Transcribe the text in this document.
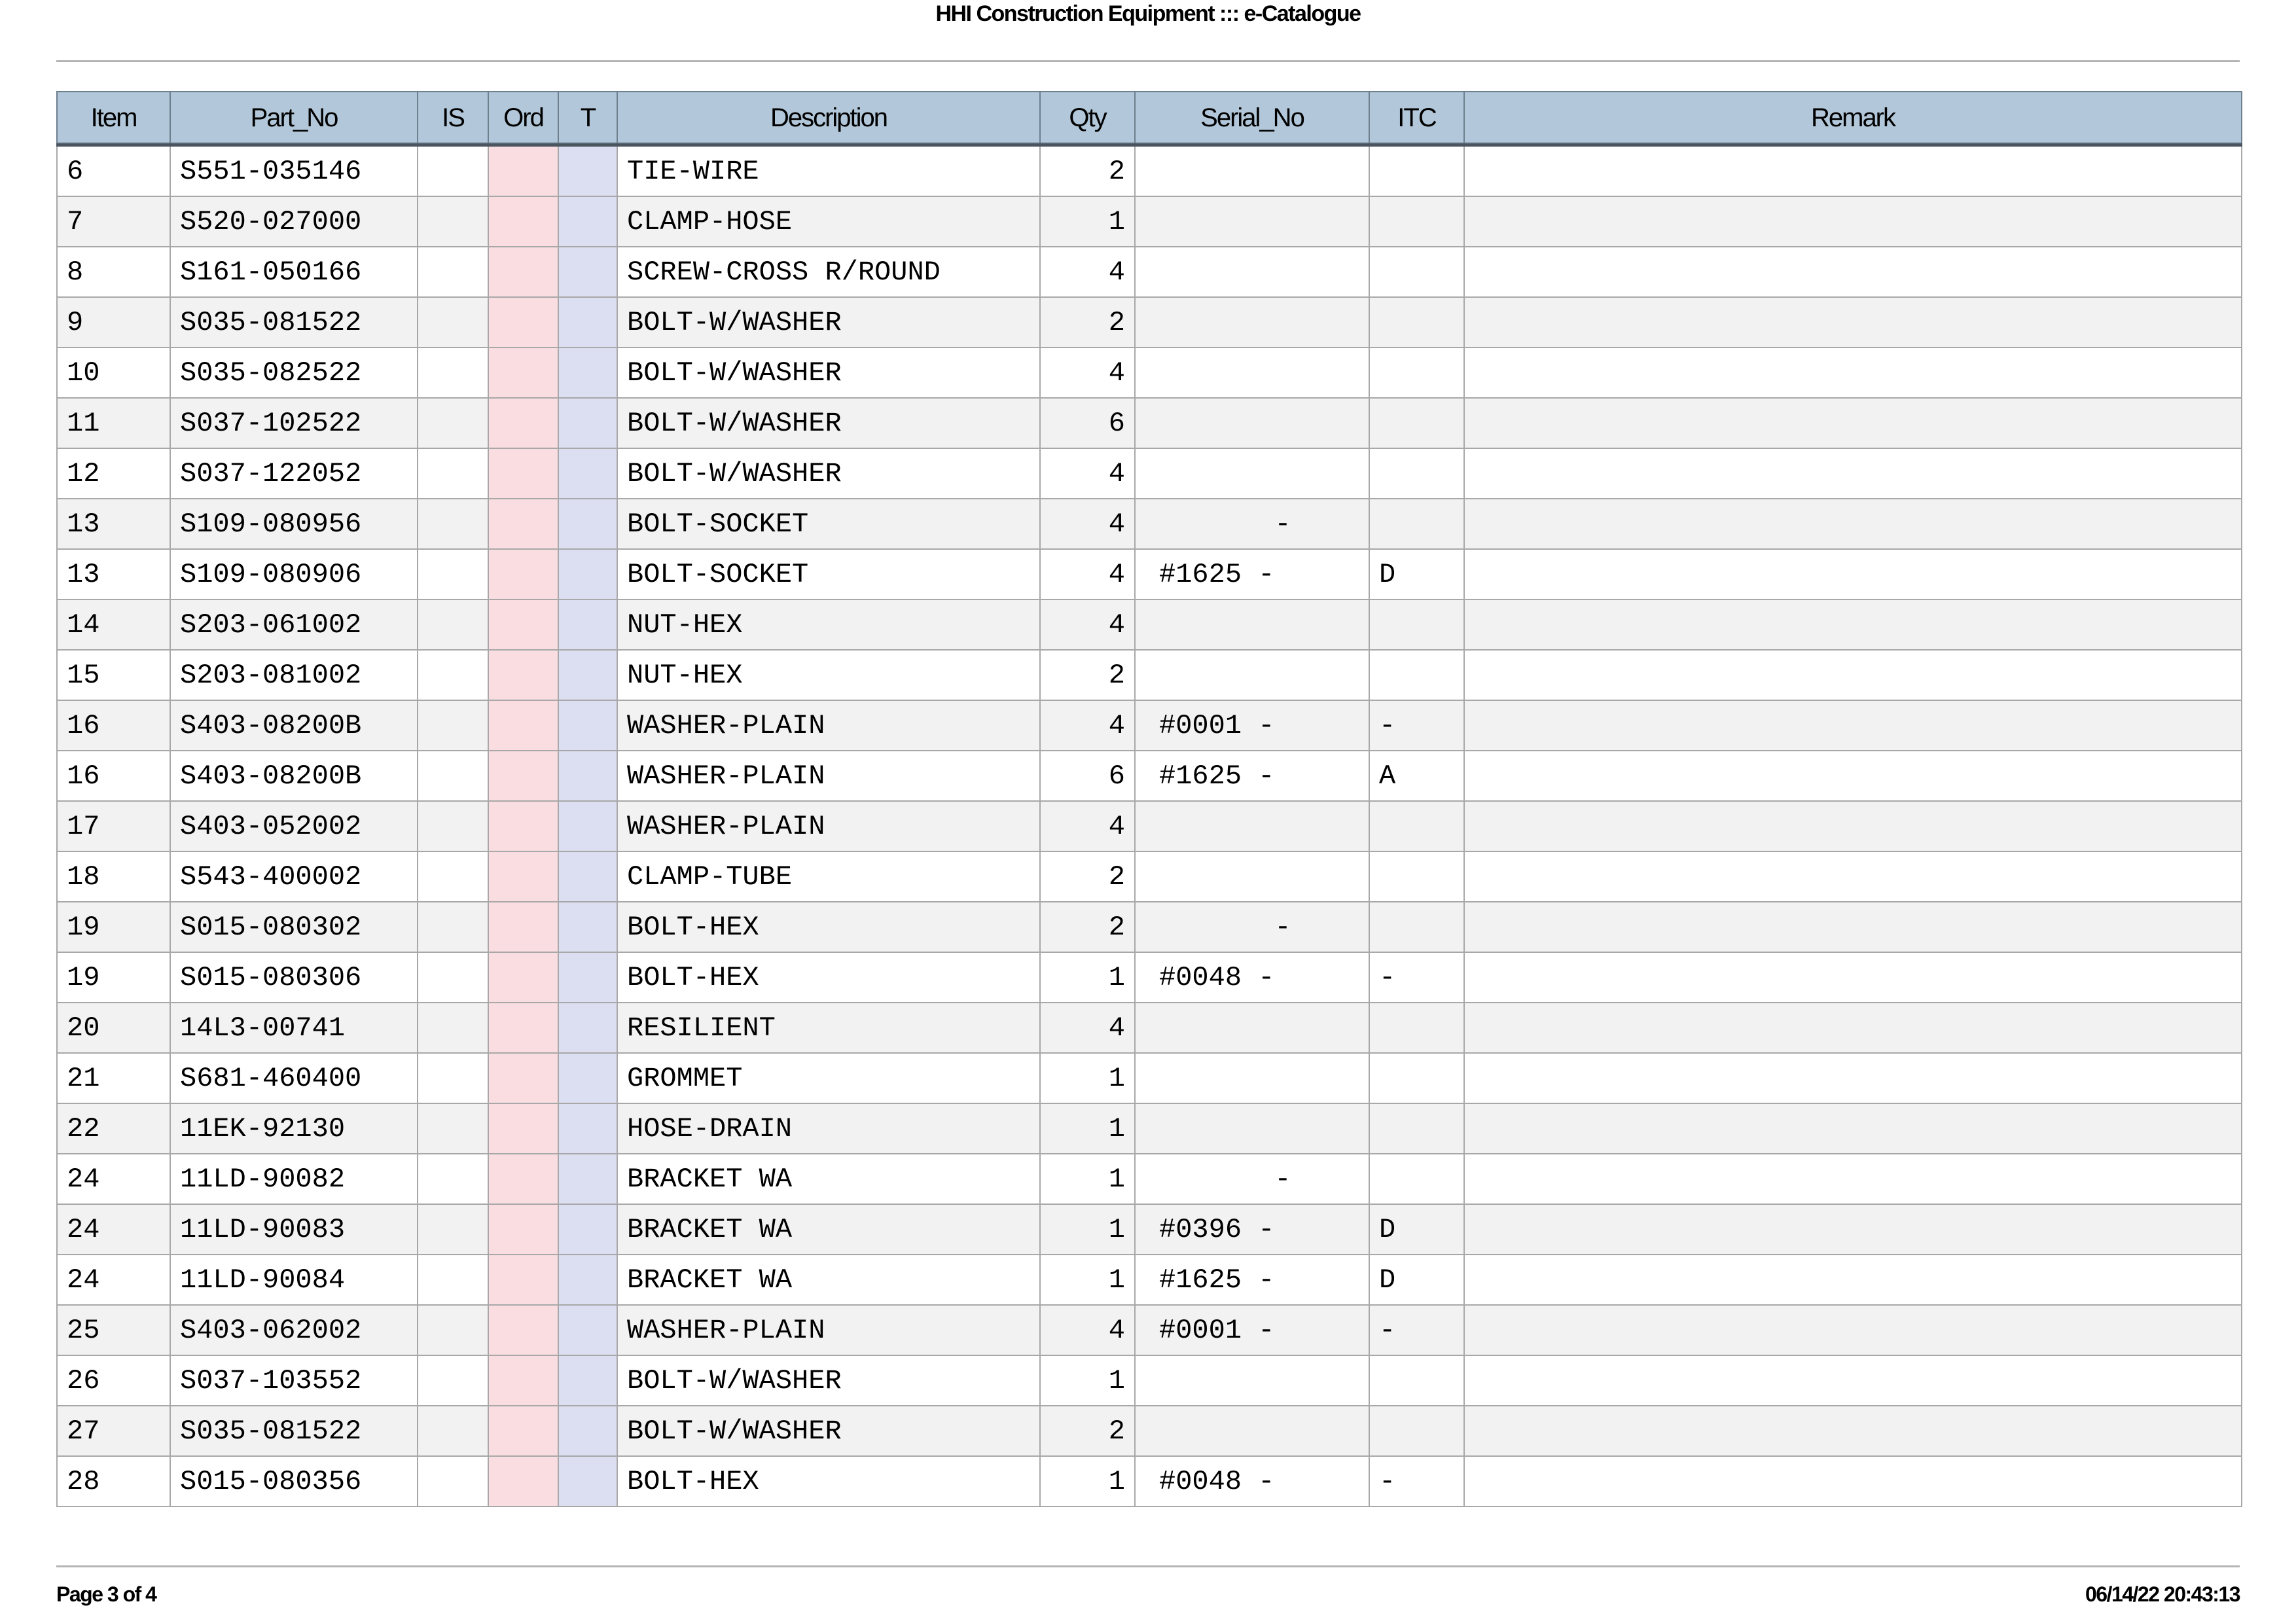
HHI Construction Equipment ::: e-Catalogue
Item	Part_No	IS	Ord	T	Description	Qty	Serial_No	ITC	Remark
6	S551-035146				TIE-WIRE	2			
7	S520-027000				CLAMP-HOSE	1			
8	S161-050166				SCREW-CROSS R/ROUND	4			
9	S035-081522				BOLT-W/WASHER	2			
10	S035-082522				BOLT-W/WASHER	4			
11	S037-102522				BOLT-W/WASHER	6			
12	S037-122052				BOLT-W/WASHER	4			
13	S109-080956				BOLT-SOCKET	4	-		
13	S109-080906				BOLT-SOCKET	4	#1625 -	D	
14	S203-061002				NUT-HEX	4			
15	S203-081002				NUT-HEX	2			
16	S403-08200B				WASHER-PLAIN	4	#0001 -	-	
16	S403-08200B				WASHER-PLAIN	6	#1625 -	A	
17	S403-052002				WASHER-PLAIN	4			
18	S543-400002				CLAMP-TUBE	2			
19	S015-080302				BOLT-HEX	2	-		
19	S015-080306				BOLT-HEX	1	#0048 -	-	
20	14L3-00741				RESILIENT	4			
21	S681-460400				GROMMET	1			
22	11EK-92130				HOSE-DRAIN	1			
24	11LD-90082				BRACKET WA	1	-		
24	11LD-90083				BRACKET WA	1	#0396 -	D	
24	11LD-90084				BRACKET WA	1	#1625 -	D	
25	S403-062002				WASHER-PLAIN	4	#0001 -	-	
26	S037-103552				BOLT-W/WASHER	1			
27	S035-081522				BOLT-W/WASHER	2			
28	S015-080356				BOLT-HEX	1	#0048 -	-	
Page 3 of 4	06/14/22 20:43:13
